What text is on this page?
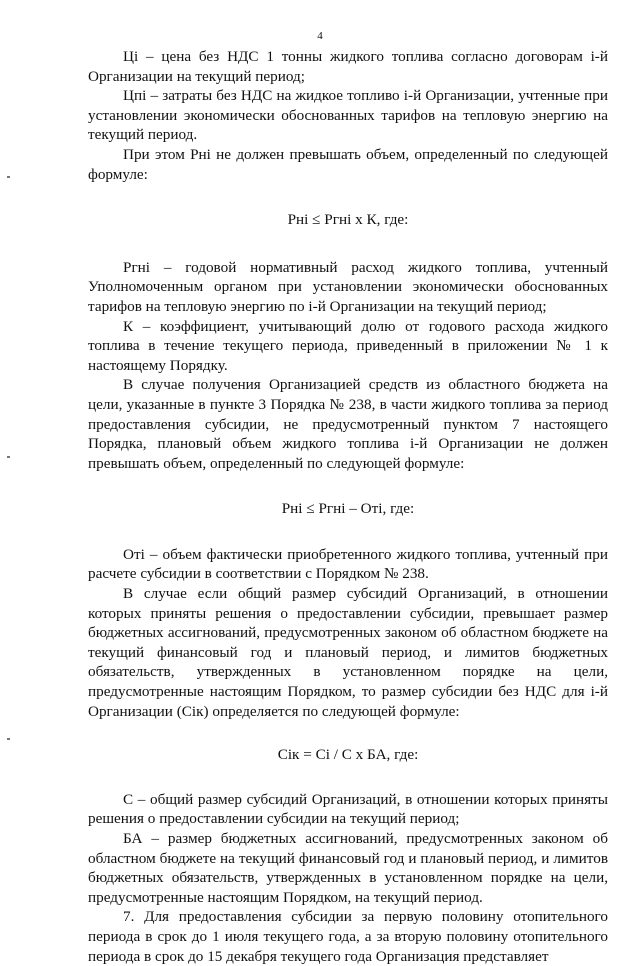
4

Цi – цена без НДС 1 тонны жидкого топлива согласно договорам i-й Организации на текущий период;

Цпi – затраты без НДС на жидкое топливо i-й Организации, учтенные при установлении экономически обоснованных тарифов на тепловую энергию на текущий период.

При этом Рнi не должен превышать объем, определенный по следующей формуле:

Рнi ≤ Ргнi х К, где:

Ргнi – годовой нормативный расход жидкого топлива, учтенный Уполномоченным органом при установлении экономически обоснованных тарифов на тепловую энергию по i-й Организации на текущий период;

К – коэффициент, учитывающий долю от годового расхода жидкого топлива в течение текущего периода, приведенный в приложении № 1 к настоящему Порядку.

В случае получения Организацией средств из областного бюджета на цели, указанные в пункте 3 Порядка № 238, в части жидкого топлива за период предоставления субсидии, не предусмотренный пунктом 7 настоящего Порядка, плановый объем жидкого топлива i-й Организации не должен превышать объем, определенный по следующей формуле:

Рнi ≤ Ргнi – Отi, где:

Отi – объем фактически приобретенного жидкого топлива, учтенный при расчете субсидии в соответствии с Порядком № 238.

В случае если общий размер субсидий Организаций, в отношении которых приняты решения о предоставлении субсидии, превышает размер бюджетных ассигнований, предусмотренных законом об областном бюджете на текущий финансовый год и плановый период, и лимитов бюджетных обязательств, утвержденных в установленном порядке на цели, предусмотренные настоящим Порядком, то размер субсидии без НДС для i-й Организации (Сiк) определяется по следующей формуле:

Сiк = Сi / С х БА, где:

С – общий размер субсидий Организаций, в отношении которых приняты решения о предоставлении субсидии на текущий период;

БА – размер бюджетных ассигнований, предусмотренных законом об областном бюджете на текущий финансовый год и плановый период, и лимитов бюджетных обязательств, утвержденных в установленном порядке на цели, предусмотренные настоящим Порядком, на текущий период.

7. Для предоставления субсидии за первую половину отопительного периода в срок до 1 июля текущего года, а за вторую половину отопительного периода в срок до 15 декабря текущего года Организация представляет
